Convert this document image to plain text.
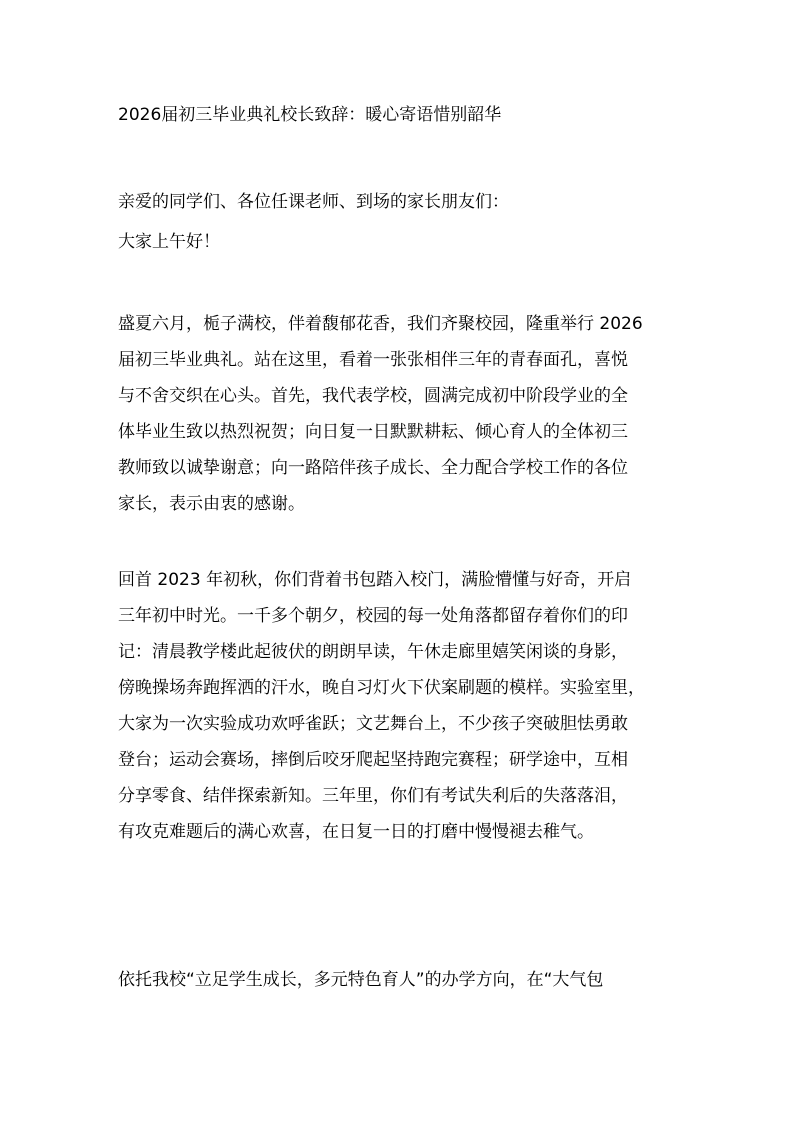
2026届初三毕业典礼校长致辞：暖心寄语惜别韶华
亲爱的同学们、各位任课老师、到场的家长朋友们：
大家上午好！
盛夏六月，栀子满校，伴着馥郁花香，我们齐聚校园，隆重举行 2026
届初三毕业典礼。站在这里，看着一张张相伴三年的青春面孔，喜悦
与不舍交织在心头。首先，我代表学校，圆满完成初中阶段学业的全
体毕业生致以热烈祝贺；向日复一日默默耕耘、倾心育人的全体初三
教师致以诚挚谢意；向一路陪伴孩子成长、全力配合学校工作的各位
家长，表示由衷的感谢。
回首 2023 年初秋，你们背着书包踏入校门，满脸懵懂与好奇，开启
三年初中时光。一千多个朝夕，校园的每一处角落都留存着你们的印
记：清晨教学楼此起彼伏的朗朗早读，午休走廊里嬉笑闲谈的身影，
傍晚操场奔跑挥洒的汗水，晚自习灯火下伏案刷题的模样。实验室里，
大家为一次实验成功欢呼雀跃；文艺舞台上，不少孩子突破胆怯勇敢
登台；运动会赛场，摔倒后咬牙爬起坚持跑完赛程；研学途中，互相
分享零食、结伴探索新知。三年里，你们有考试失利后的失落落泪，
有攻克难题后的满心欢喜，在日复一日的打磨中慢慢褪去稚气。
依托我校“立足学生成长，多元特色育人”的办学方向，在“大气包
